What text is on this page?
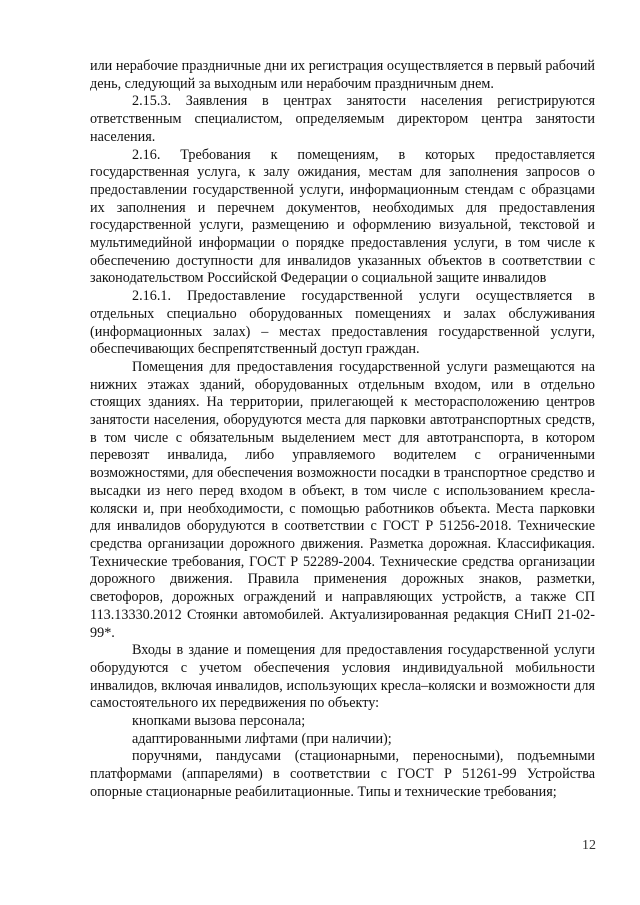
или нерабочие праздничные дни их регистрация осуществляется в первый рабочий день, следующий за выходным или нерабочим праздничным днем.

2.15.3. Заявления в центрах занятости населения регистрируются ответственным специалистом, определяемым директором центра занятости населения.

2.16. Требования к помещениям, в которых предоставляется государственная услуга, к залу ожидания, местам для заполнения запросов о предоставлении государственной услуги, информационным стендам с образцами их заполнения и перечнем документов, необходимых для предоставления государственной услуги, размещению и оформлению визуальной, текстовой и мультимедийной информации о порядке предоставления услуги, в том числе к обеспечению доступности для инвалидов указанных объектов в соответствии с законодательством Российской Федерации о социальной защите инвалидов

2.16.1. Предоставление государственной услуги осуществляется в отдельных специально оборудованных помещениях и залах обслуживания (информационных залах) – местах предоставления государственной услуги, обеспечивающих беспрепятственный доступ граждан.

Помещения для предоставления государственной услуги размещаются на нижних этажах зданий, оборудованных отдельным входом, или в отдельно стоящих зданиях. На территории, прилегающей к месторасположению центров занятости населения, оборудуются места для парковки автотранспортных средств, в том числе с обязательным выделением мест для автотранспорта, в котором перевозят инвалида, либо управляемого водителем с ограниченными возможностями, для обеспечения возможности посадки в транспортное средство и высадки из него перед входом в объект, в том числе с использованием кресла-коляски и, при необходимости, с помощью работников объекта. Места парковки для инвалидов оборудуются в соответствии с ГОСТ Р 51256-2018. Технические средства организации дорожного движения. Разметка дорожная. Классификация. Технические требования, ГОСТ Р 52289-2004. Технические средства организации дорожного движения. Правила применения дорожных знаков, разметки, светофоров, дорожных ограждений и направляющих устройств, а также СП 113.13330.2012 Стоянки автомобилей. Актуализированная редакция СНиП 21-02-99*.

Входы в здание и помещения для предоставления государственной услуги оборудуются с учетом обеспечения условия индивидуальной мобильности инвалидов, включая инвалидов, использующих кресла–коляски и возможности для самостоятельного их передвижения по объекту:

кнопками вызова персонала;

адаптированными лифтами (при наличии);

поручнями, пандусами (стационарными, переносными), подъемными платформами (аппарелями) в соответствии с ГОСТ Р 51261-99 Устройства опорные стационарные реабилитационные. Типы и технические требования;

12
